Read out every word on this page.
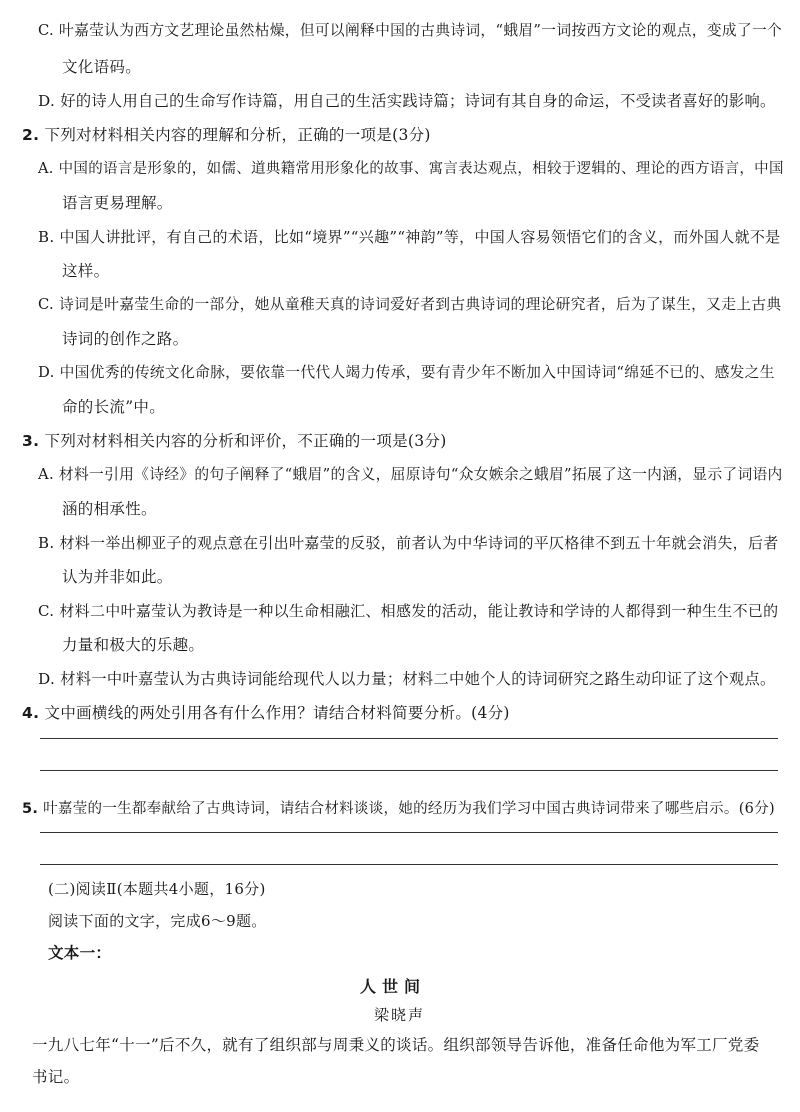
C. 叶嘉莹认为西方文艺理论虽然枯燥，但可以阐释中国的古典诗词，“蛾眉”一词按西方文论的观点，变成了一个
文化语码。
D. 好的诗人用自己的生命写作诗篇，用自己的生活实践诗篇；诗词有其自身的命运，不受读者喜好的影响。
2. 下列对材料相关内容的理解和分析，正确的一项是(3分)
A. 中国的语言是形象的，如儒、道典籍常用形象化的故事、寓言表达观点，相较于逻辑的、理论的西方语言，中国
语言更易理解。
B. 中国人讲批评，有自己的术语，比如“境界”“兴趣”“神韵”等，中国人容易领悟它们的含义，而外国人就不是
这样。
C. 诗词是叶嘉莹生命的一部分，她从童稚天真的诗词爱好者到古典诗词的理论研究者，后为了谋生，又走上古典
诗词的创作之路。
D. 中国优秀的传统文化命脉，要依靠一代代人竭力传承，要有青少年不断加入中国诗词“绵延不已的、感发之生
命的长流”中。
3. 下列对材料相关内容的分析和评价，不正确的一项是(3分)
A. 材料一引用《诗经》的句子阐释了“蛾眉”的含义，屈原诗句“众女嫉余之蛾眉”拓展了这一内涵，显示了词语内
涵的相承性。
B. 材料一举出柳亚子的观点意在引出叶嘉莹的反驳，前者认为中华诗词的平仄格律不到五十年就会消失，后者
认为并非如此。
C. 材料二中叶嘉莹认为教诗是一种以生命相融汇、相感发的活动，能让教诗和学诗的人都得到一种生生不已的
力量和极大的乐趣。
D. 材料一中叶嘉莹认为古典诗词能给现代人以力量；材料二中她个人的诗词研究之路生动印证了这个观点。
4. 文中画横线的两处引用各有什么作用？请结合材料简要分析。(4分)
5. 叶嘉莹的一生都奉献给了古典诗词，请结合材料谈谈，她的经历为我们学习中国古典诗词带来了哪些启示。(6分)
(二)阅读Ⅱ(本题共4小题，16分)
阅读下面的文字，完成6～9题。
文本一：
人世间
梁晓声
一九八七年“十一”后不久，就有了组织部与周秉义的谈话。组织部领导告诉他，准备任命他为军工厂党委
书记。
